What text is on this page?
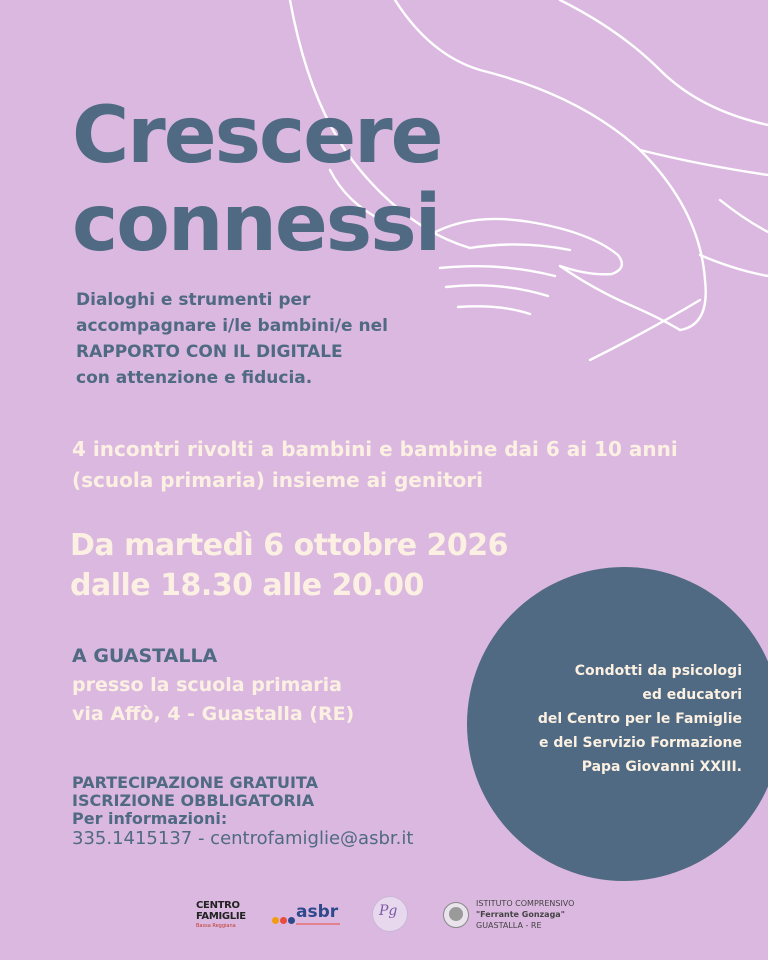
Crescere
connessi
Dialoghi e strumenti per
accompagnare i/le bambini/e nel
RAPPORTO CON IL DIGITALE
con attenzione e fiducia.
4 incontri rivolti a bambini e bambine dai 6 ai 10 anni
(scuola primaria) insieme ai genitori
Da martedì 6 ottobre 2026
dalle 18.30 alle 20.00
A GUASTALLA
presso la scuola primaria
via Affò, 4 - Guastalla (RE)
Condotti da psicologi
ed educatori
del Centro per le Famiglie
e del Servizio Formazione
Papa Giovanni XXIII.
PARTECIPAZIONE GRATUITA
ISCRIZIONE OBBLIGATORIA
Per informazioni:
335.1415137 - centrofamiglie@asbr.it
CENTRO
FAMIGLIE
Bassa Reggiana
asbr	Pg	ISTITUTO COMPRENSIVO
"Ferrante Gonzaga"
GUASTALLA - RE
